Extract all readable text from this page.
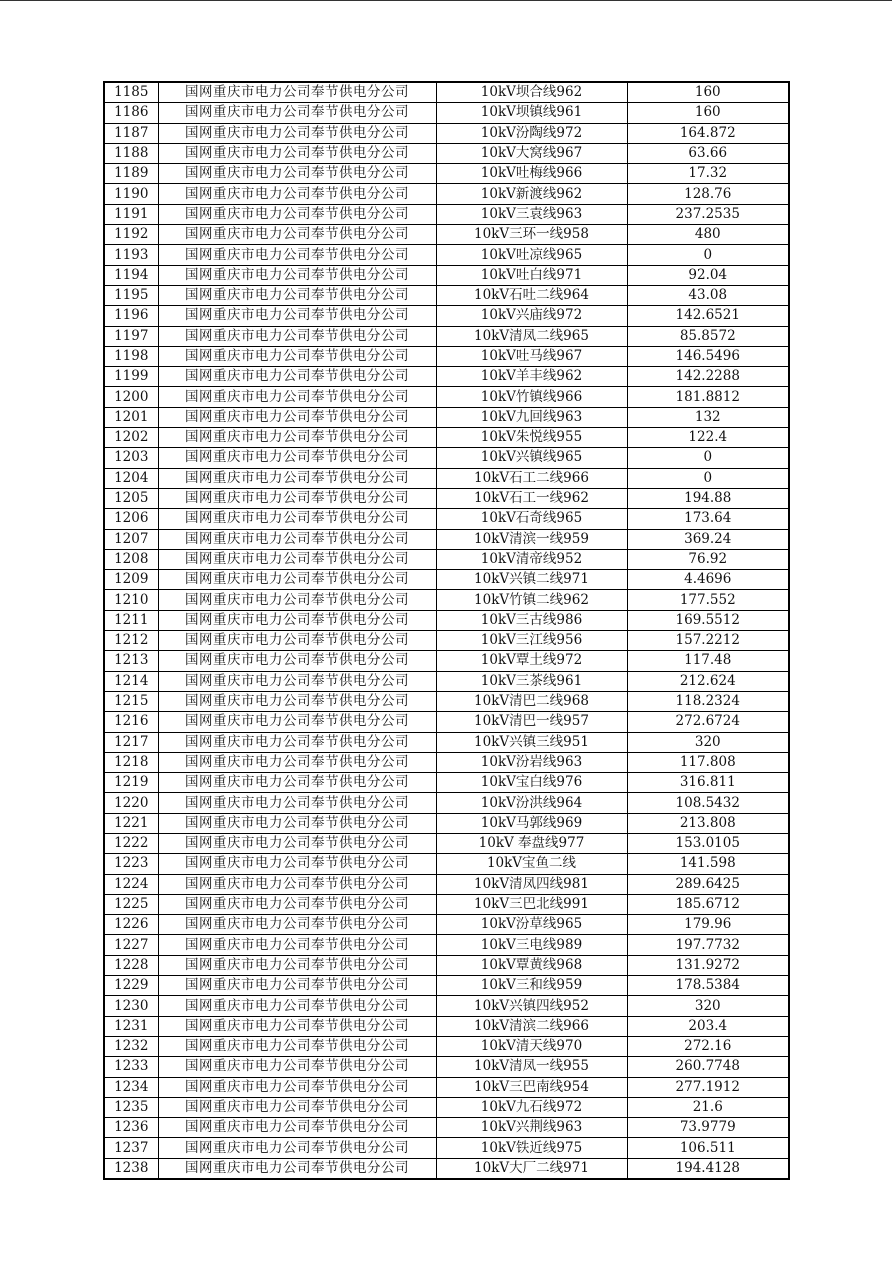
1185	国网重庆市电力公司奉节供电分公司	10kV坝合线962	160
1186	国网重庆市电力公司奉节供电分公司	10kV坝镇线961	160
1187	国网重庆市电力公司奉节供电分公司	10kV汾陶线972	164.872
1188	国网重庆市电力公司奉节供电分公司	10kV大窝线967	63.66
1189	国网重庆市电力公司奉节供电分公司	10kV吐梅线966	17.32
1190	国网重庆市电力公司奉节供电分公司	10kV新渡线962	128.76
1191	国网重庆市电力公司奉节供电分公司	10kV三袁线963	237.2535
1192	国网重庆市电力公司奉节供电分公司	10kV三环一线958	480
1193	国网重庆市电力公司奉节供电分公司	10kV吐凉线965	0
1194	国网重庆市电力公司奉节供电分公司	10kV吐白线971	92.04
1195	国网重庆市电力公司奉节供电分公司	10kV石吐二线964	43.08
1196	国网重庆市电力公司奉节供电分公司	10kV兴庙线972	142.6521
1197	国网重庆市电力公司奉节供电分公司	10kV清凤二线965	85.8572
1198	国网重庆市电力公司奉节供电分公司	10kV吐马线967	146.5496
1199	国网重庆市电力公司奉节供电分公司	10kV羊丰线962	142.2288
1200	国网重庆市电力公司奉节供电分公司	10kV竹镇线966	181.8812
1201	国网重庆市电力公司奉节供电分公司	10kV九回线963	132
1202	国网重庆市电力公司奉节供电分公司	10kV朱悦线955	122.4
1203	国网重庆市电力公司奉节供电分公司	10kV兴镇线965	0
1204	国网重庆市电力公司奉节供电分公司	10kV石工二线966	0
1205	国网重庆市电力公司奉节供电分公司	10kV石工一线962	194.88
1206	国网重庆市电力公司奉节供电分公司	10kV石奇线965	173.64
1207	国网重庆市电力公司奉节供电分公司	10kV清滨一线959	369.24
1208	国网重庆市电力公司奉节供电分公司	10kV清帝线952	76.92
1209	国网重庆市电力公司奉节供电分公司	10kV兴镇二线971	4.4696
1210	国网重庆市电力公司奉节供电分公司	10kV竹镇二线962	177.552
1211	国网重庆市电力公司奉节供电分公司	10kV三古线986	169.5512
1212	国网重庆市电力公司奉节供电分公司	10kV三江线956	157.2212
1213	国网重庆市电力公司奉节供电分公司	10kV覃土线972	117.48
1214	国网重庆市电力公司奉节供电分公司	10kV三茶线961	212.624
1215	国网重庆市电力公司奉节供电分公司	10kV清巴二线968	118.2324
1216	国网重庆市电力公司奉节供电分公司	10kV清巴一线957	272.6724
1217	国网重庆市电力公司奉节供电分公司	10kV兴镇三线951	320
1218	国网重庆市电力公司奉节供电分公司	10kV汾岩线963	117.808
1219	国网重庆市电力公司奉节供电分公司	10kV宝白线976	316.811
1220	国网重庆市电力公司奉节供电分公司	10kV汾洪线964	108.5432
1221	国网重庆市电力公司奉节供电分公司	10kV马郭线969	213.808
1222	国网重庆市电力公司奉节供电分公司	10kV 奉盘线977	153.0105
1223	国网重庆市电力公司奉节供电分公司	10kV宝鱼二线	141.598
1224	国网重庆市电力公司奉节供电分公司	10kV清凤四线981	289.6425
1225	国网重庆市电力公司奉节供电分公司	10kV三巴北线991	185.6712
1226	国网重庆市电力公司奉节供电分公司	10kV汾草线965	179.96
1227	国网重庆市电力公司奉节供电分公司	10kV三电线989	197.7732
1228	国网重庆市电力公司奉节供电分公司	10kV覃黄线968	131.9272
1229	国网重庆市电力公司奉节供电分公司	10kV三和线959	178.5384
1230	国网重庆市电力公司奉节供电分公司	10kV兴镇四线952	320
1231	国网重庆市电力公司奉节供电分公司	10kV清滨二线966	203.4
1232	国网重庆市电力公司奉节供电分公司	10kV清天线970	272.16
1233	国网重庆市电力公司奉节供电分公司	10kV清凤一线955	260.7748
1234	国网重庆市电力公司奉节供电分公司	10kV三巴南线954	277.1912
1235	国网重庆市电力公司奉节供电分公司	10kV九石线972	21.6
1236	国网重庆市电力公司奉节供电分公司	10kV兴荆线963	73.9779
1237	国网重庆市电力公司奉节供电分公司	10kV铁近线975	106.511
1238	国网重庆市电力公司奉节供电分公司	10kV大厂二线971	194.4128
